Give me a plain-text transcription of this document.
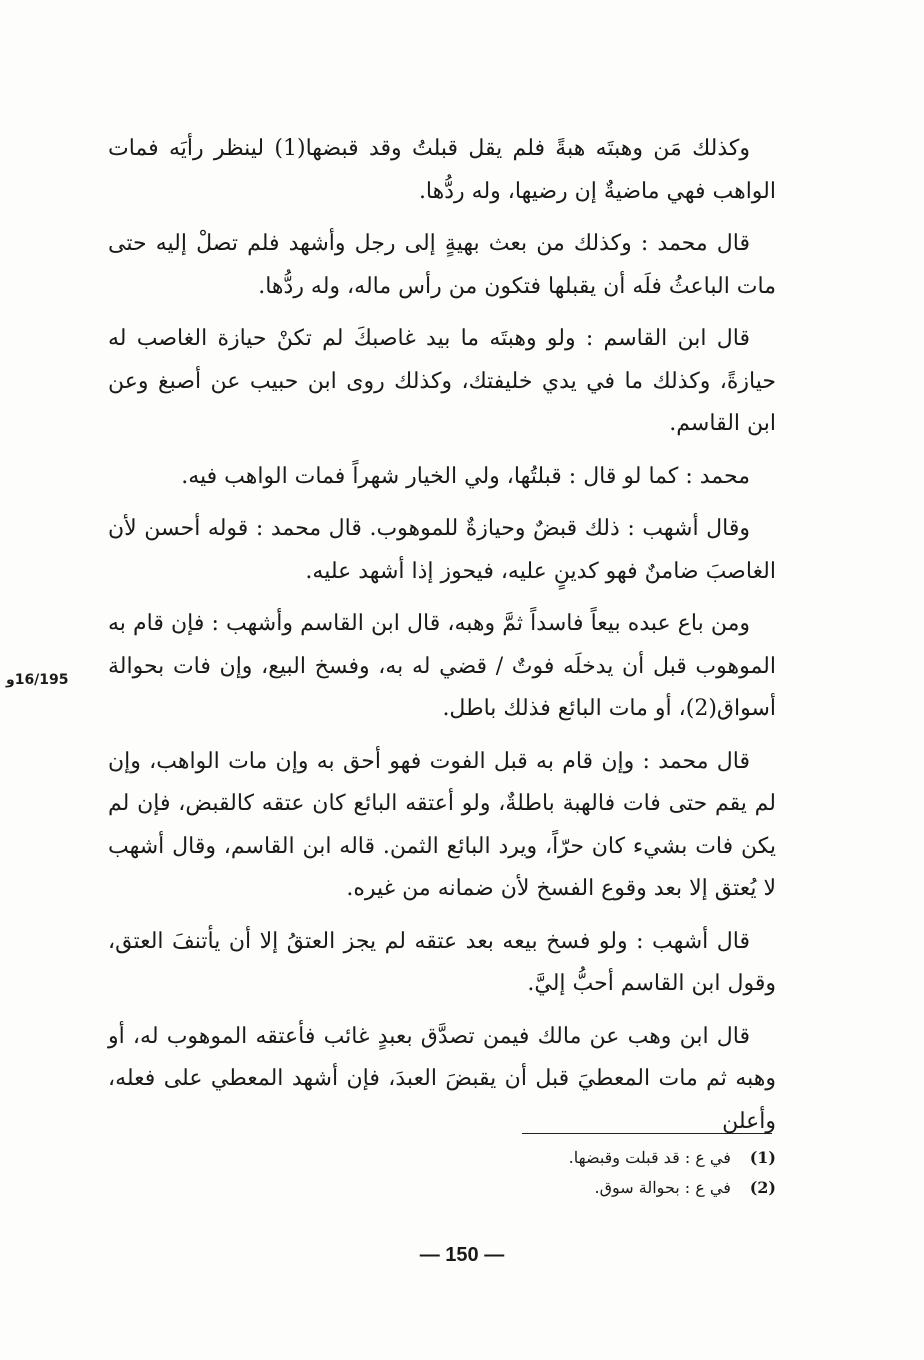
وكذلك مَن وهبتَه هبةً فلم يقل قبلتُ وقد قبضها(1) لينظر رأيَه فمات الواهب فهي ماضيةٌ إن رضيها، وله ردُّها.

قال محمد : وكذلك من بعث بهيةٍ إلى رجل وأشهد فلم تصلْ إليه حتى مات الباعثُ فلَه أن يقبلها فتكون من رأس ماله، وله ردُّها.

قال ابن القاسم : ولو وهبتَه ما بيد غاصبكَ لم تكنْ حيازة الغاصب له حيازةً، وكذلك ما في يدي خليفتك، وكذلك روى ابن حبيب عن أصبغ وعن ابن القاسم.

محمد : كما لو قال : قبلتُها، ولي الخيار شهراً فمات الواهب فيه.

وقال أشهب : ذلك قبضٌ وحيازةٌ للموهوب. قال محمد : قوله أحسن لأن الغاصبَ ضامنٌ فهو كدينٍ عليه، فيحوز إذا أشهد عليه.

ومن باع عبده بيعاً فاسداً ثمَّ وهبه، قال ابن القاسم وأشهب : فإن قام به الموهوب قبل أن يدخلَه فوتٌ / قضي له به، وفسخ البيع، وإن فات بحوالة أسواق(2)، أو مات البائع فذلك باطل.

قال محمد : وإن قام به قبل الفوت فهو أحق به وإن مات الواهب، وإن لم يقم حتى فات فالهبة باطلةٌ، ولو أعتقه البائع كان عتقه كالقبض، فإن لم يكن فات بشيء كان حرّاً، ويرد البائع الثمن. قاله ابن القاسم، وقال أشهب لا يُعتق إلا بعد وقوع الفسخ لأن ضمانه من غيره.

قال أشهب : ولو فسخ بيعه بعد عتقه لم يجز العتقُ إلا أن يأتنفَ العتق، وقول ابن القاسم أحبُّ إليَّ.

قال ابن وهب عن مالك فيمن تصدَّق بعبدٍ غائب فأعتقه الموهوب له، أو وهبه ثم مات المعطيَ قبل أن يقبضَ العبدَ، فإن أشهد المعطي على فعله، وأعلن

16/195و
(1) في ع : قد قبلت وقبضها.
(2) في ع : بحوالة سوق.
— 150 —
